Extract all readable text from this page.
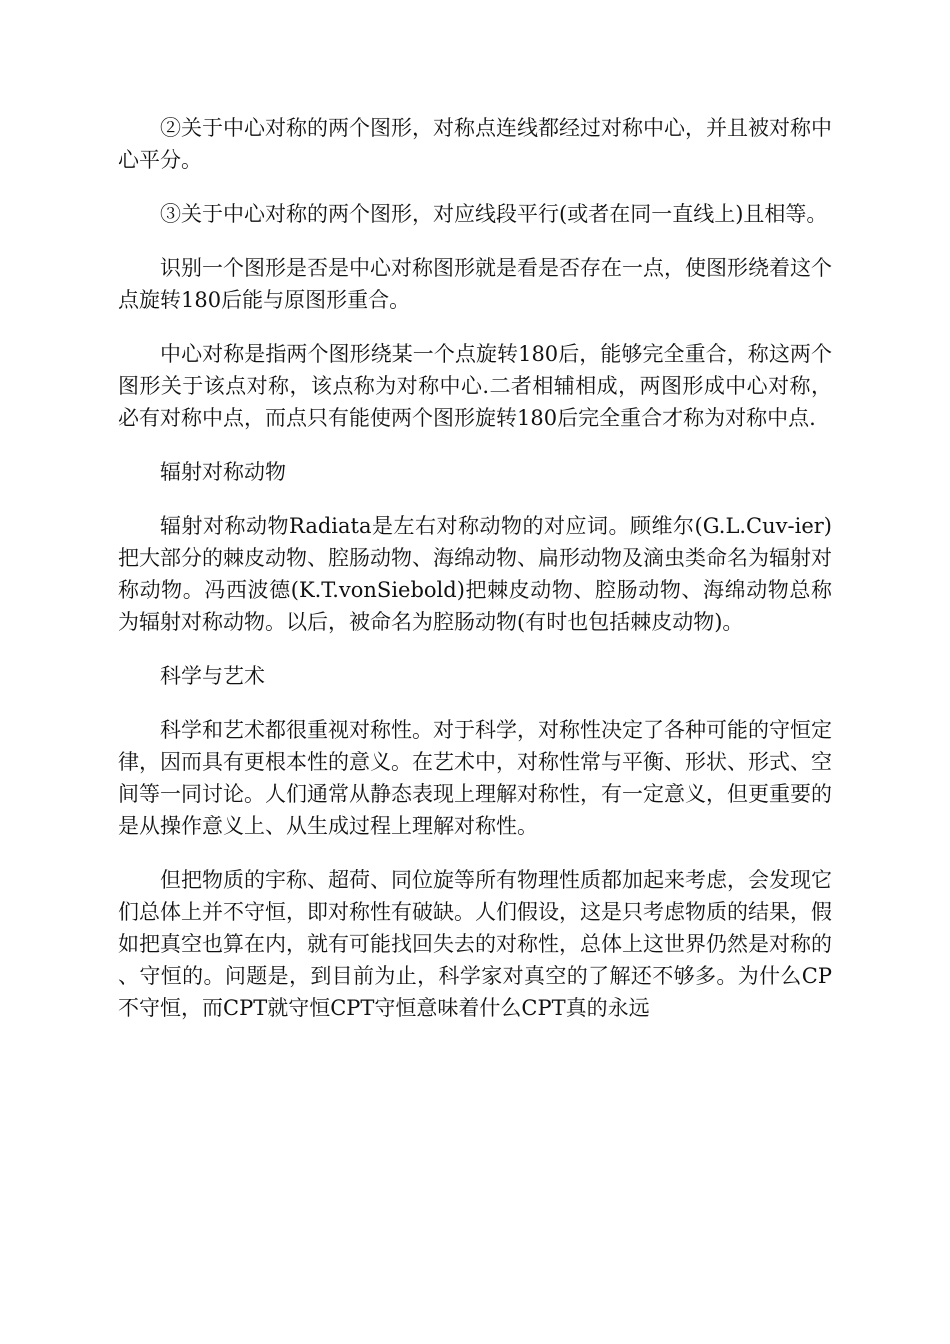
②关于中心对称的两个图形，对称点连线都经过对称中心，并且被对称中心平分。

③关于中心对称的两个图形，对应线段平行(或者在同一直线上)且相等。

识别一个图形是否是中心对称图形就是看是否存在一点，使图形绕着这个点旋转180后能与原图形重合。

中心对称是指两个图形绕某一个点旋转180后，能够完全重合，称这两个图形关于该点对称，该点称为对称中心.二者相辅相成，两图形成中心对称，必有对称中点，而点只有能使两个图形旋转180后完全重合才称为对称中点.

辐射对称动物

辐射对称动物Radiata是左右对称动物的对应词。顾维尔(G.L.Cuv-ier)把大部分的棘皮动物、腔肠动物、海绵动物、扁形动物及滴虫类命名为辐射对称动物。冯西波德(K.T.vonSiebold)把棘皮动物、腔肠动物、海绵动物总称为辐射对称动物。以后，被命名为腔肠动物(有时也包括棘皮动物)。

科学与艺术

科学和艺术都很重视对称性。对于科学，对称性决定了各种可能的守恒定律，因而具有更根本性的意义。在艺术中，对称性常与平衡、形状、形式、空间等一同讨论。人们通常从静态表现上理解对称性，有一定意义，但更重要的是从操作意义上、从生成过程上理解对称性。

但把物质的宇称、超荷、同位旋等所有物理性质都加起来考虑，会发现它们总体上并不守恒，即对称性有破缺。人们假设，这是只考虑物质的结果，假如把真空也算在内，就有可能找回失去的对称性，总体上这世界仍然是对称的、守恒的。问题是，到目前为止，科学家对真空的了解还不够多。为什么CP不守恒，而CPT就守恒CPT守恒意味着什么CPT真的永远
